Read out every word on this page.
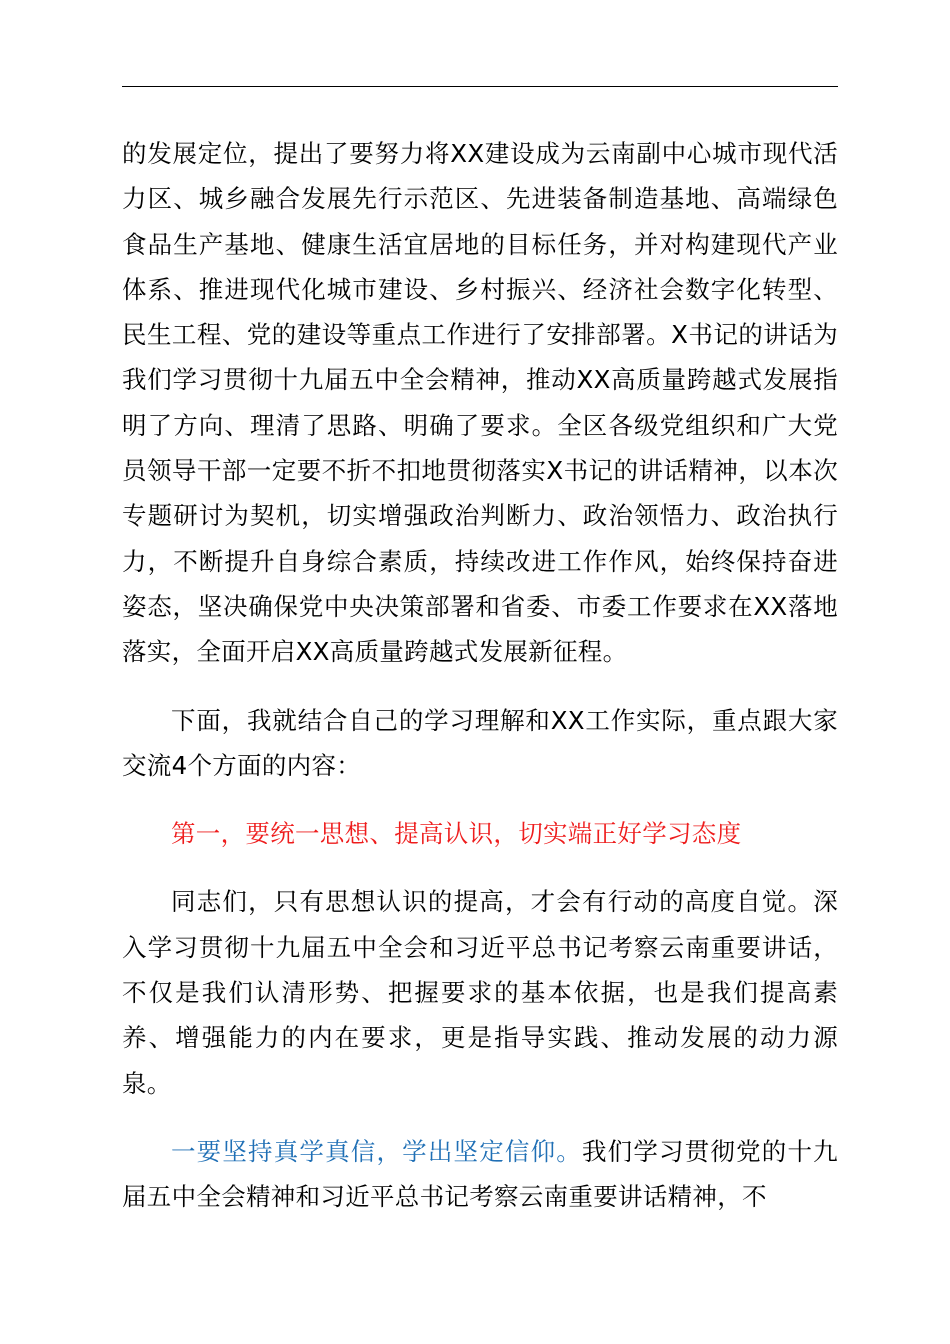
的发展定位，提出了要努力将XX建设成为云南副中心城市现代活力区、城乡融合发展先行示范区、先进装备制造基地、高端绿色食品生产基地、健康生活宜居地的目标任务，并对构建现代产业体系、推进现代化城市建设、乡村振兴、经济社会数字化转型、民生工程、党的建设等重点工作进行了安排部署。X书记的讲话为我们学习贯彻十九届五中全会精神，推动XX高质量跨越式发展指明了方向、理清了思路、明确了要求。全区各级党组织和广大党员领导干部一定要不折不扣地贯彻落实X书记的讲话精神，以本次专题研讨为契机，切实增强政治判断力、政治领悟力、政治执行力，不断提升自身综合素质，持续改进工作作风，始终保持奋进姿态，坚决确保党中央决策部署和省委、市委工作要求在XX落地落实，全面开启XX高质量跨越式发展新征程。

下面，我就结合自己的学习理解和XX工作实际，重点跟大家交流4个方面的内容：

第一，要统一思想、提高认识，切实端正好学习态度

同志们，只有思想认识的提高，才会有行动的高度自觉。深入学习贯彻十九届五中全会和习近平总书记考察云南重要讲话，不仅是我们认清形势、把握要求的基本依据，也是我们提高素养、增强能力的内在要求，更是指导实践、推动发展的动力源泉。

一要坚持真学真信，学出坚定信仰。我们学习贯彻党的十九届五中全会精神和习近平总书记考察云南重要讲话精神，不
